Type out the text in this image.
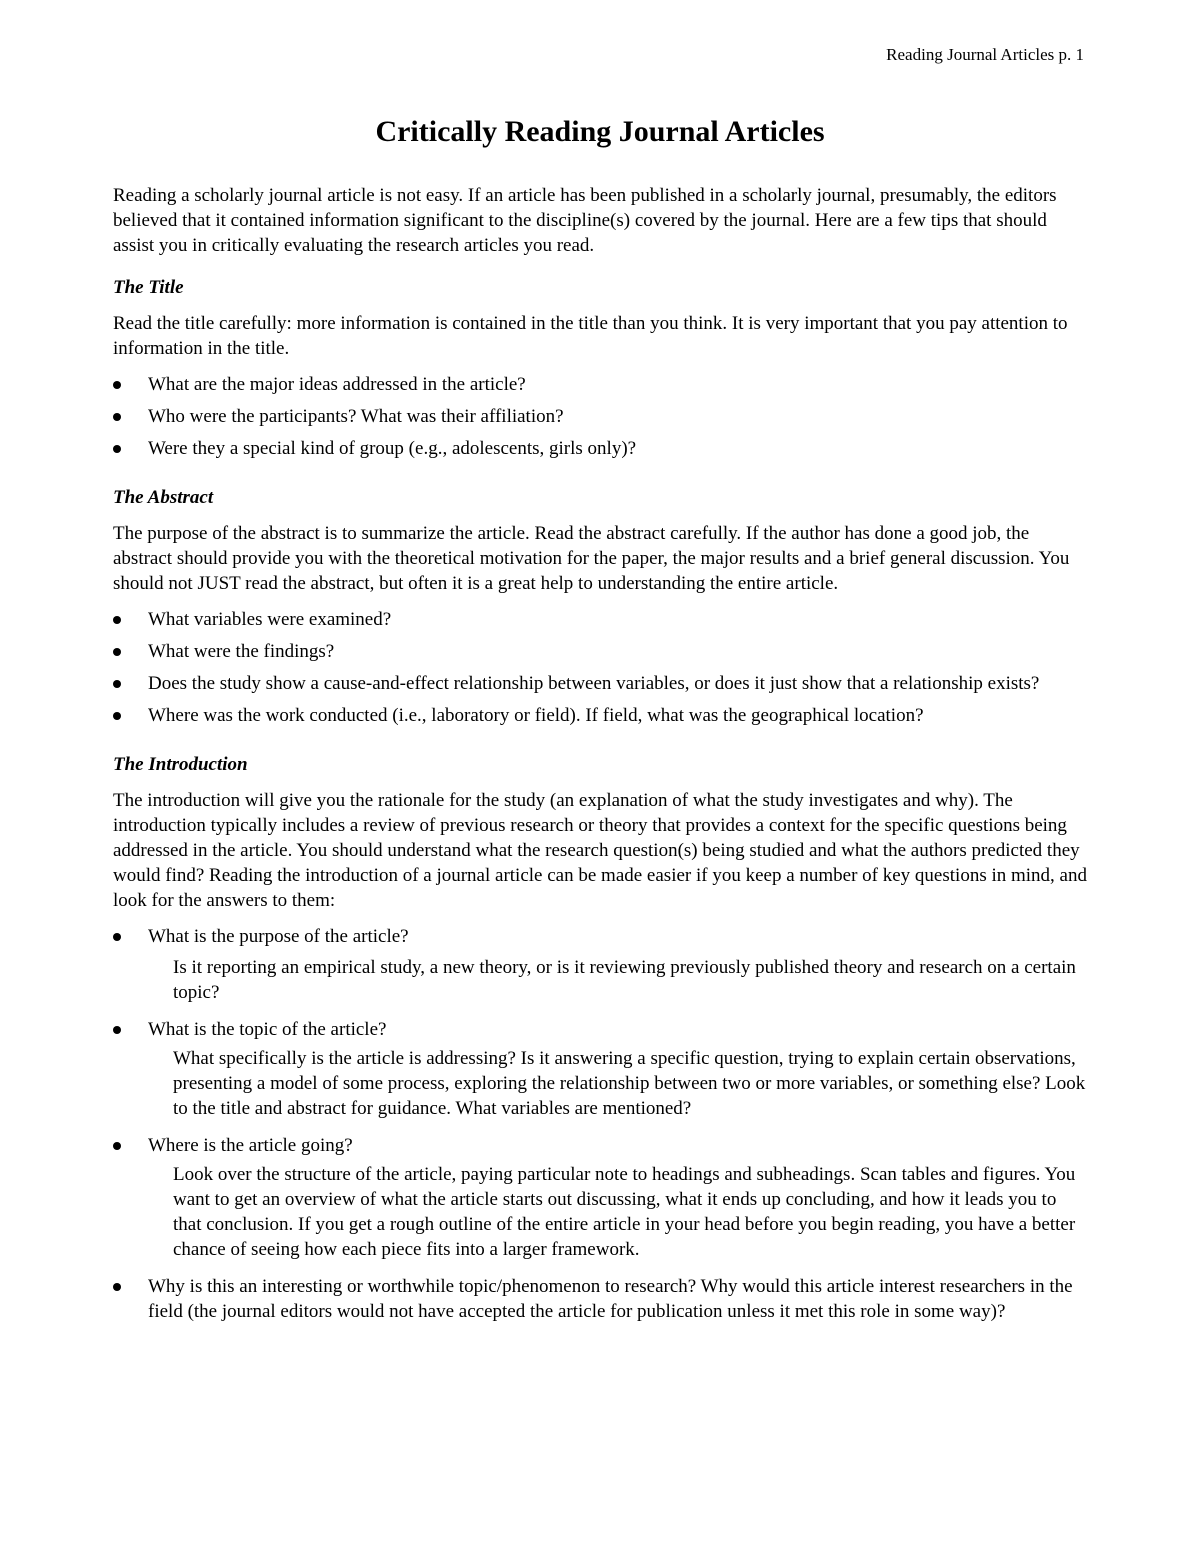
Reading Journal Articles p. 1
Critically Reading Journal Articles

Reading a scholarly journal article is not easy. If an article has been published in a scholarly journal, presumably, the editors believed that it contained information significant to the discipline(s) covered by the journal. Here are a few tips that should assist you in critically evaluating the research articles you read.

The Title

Read the title carefully: more information is contained in the title than you think. It is very important that you pay attention to information in the title.

What are the major ideas addressed in the article?
Who were the participants? What was their affiliation?
Were they a special kind of group (e.g., adolescents, girls only)?

The Abstract

The purpose of the abstract is to summarize the article. Read the abstract carefully. If the author has done a good job, the abstract should provide you with the theoretical motivation for the paper, the major results and a brief general discussion. You should not JUST read the abstract, but often it is a great help to understanding the entire article.

What variables were examined?
What were the findings?
Does the study show a cause-and-effect relationship between variables, or does it just show that a relationship exists?
Where was the work conducted (i.e., laboratory or field). If field, what was the geographical location?

The Introduction

The introduction will give you the rationale for the study (an explanation of what the study investigates and why). The introduction typically includes a review of previous research or theory that provides a context for the specific questions being addressed in the article. You should understand what the research question(s) being studied and what the authors predicted they would find? Reading the introduction of a journal article can be made easier if you keep a number of key questions in mind, and look for the answers to them:

What is the purpose of the article?
Is it reporting an empirical study, a new theory, or is it reviewing previously published theory and research on a certain topic?
What is the topic of the article?
What specifically is the article is addressing? Is it answering a specific question, trying to explain certain observations, presenting a model of some process, exploring the relationship between two or more variables, or something else? Look to the title and abstract for guidance. What variables are mentioned?
Where is the article going?
Look over the structure of the article, paying particular note to headings and subheadings. Scan tables and figures. You want to get an overview of what the article starts out discussing, what it ends up concluding, and how it leads you to that conclusion. If you get a rough outline of the entire article in your head before you begin reading, you have a better chance of seeing how each piece fits into a larger framework.
Why is this an interesting or worthwhile topic/phenomenon to research? Why would this article interest researchers in the field (the journal editors would not have accepted the article for publication unless it met this role in some way)?
